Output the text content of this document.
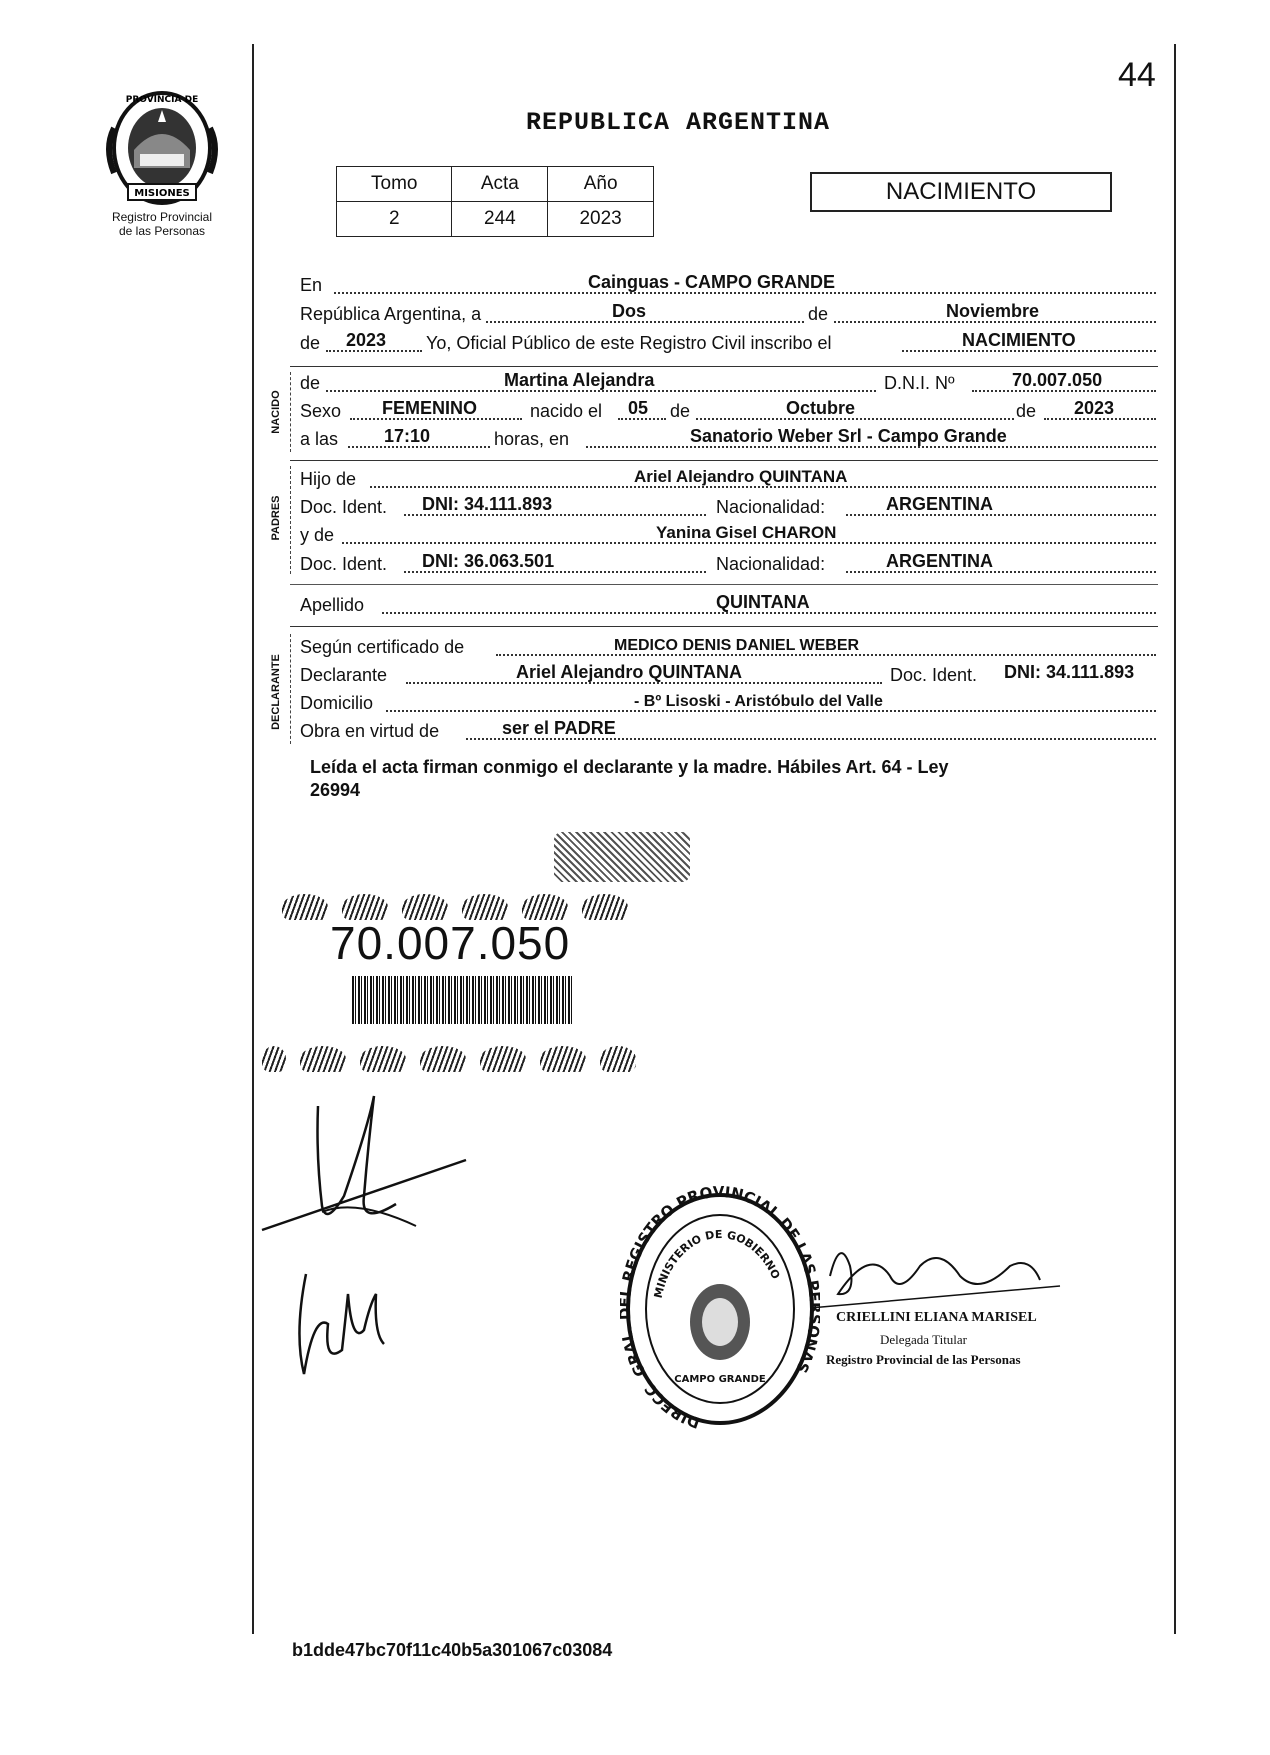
MISIONES
PROVINCIA DE
Registro Provincial
de las Personas
44
REPUBLICA ARGENTINA
Tomo	Acta	Año
2	244	2023
NACIMIENTO
En	Cainguas - CAMPO GRANDE
República Argentina, a	Dos	de	Noviembre
de 2023 Yo, Oficial Público de este Registro Civil inscribo el	NACIMIENTO
NACIDO
de	Martina Alejandra	D.N.I. Nº	70.007.050
Sexo FEMENINO	nacido el 05 de	Octubre	de 2023
a las	17:10	horas, en	Sanatorio Weber Srl - Campo Grande
PADRES
Hijo de	Ariel Alejandro QUINTANA
Doc. Ident. DNI: 34.111.893	Nacionalidad:	ARGENTINA
y de	Yanina Gisel CHARON
Doc. Ident. DNI: 36.063.501	Nacionalidad:	ARGENTINA
Apellido	QUINTANA
DECLARANTE
Según certificado de	MEDICO DENIS DANIEL WEBER
Declarante	Ariel Alejandro QUINTANA	Doc. Ident. DNI: 34.111.893
Domicilio	- Bº Lisoski - Aristóbulo del Valle
Obra en virtud de	ser el PADRE
Leída el acta firman conmigo el declarante y la madre. Hábiles Art. 64 - Ley
26994
70.007.050
DIRECC. GRA REGISTRO PROVINCIAL DE LAS NAS
MINISTERIO DE GOBIERNO
CAMPO GRANDE
CRIELLINI ELIANA MARISEL
Delegada Titular
Registro Provincial de las Personas
b1dde47bc70f11c40b5a301067c03084
